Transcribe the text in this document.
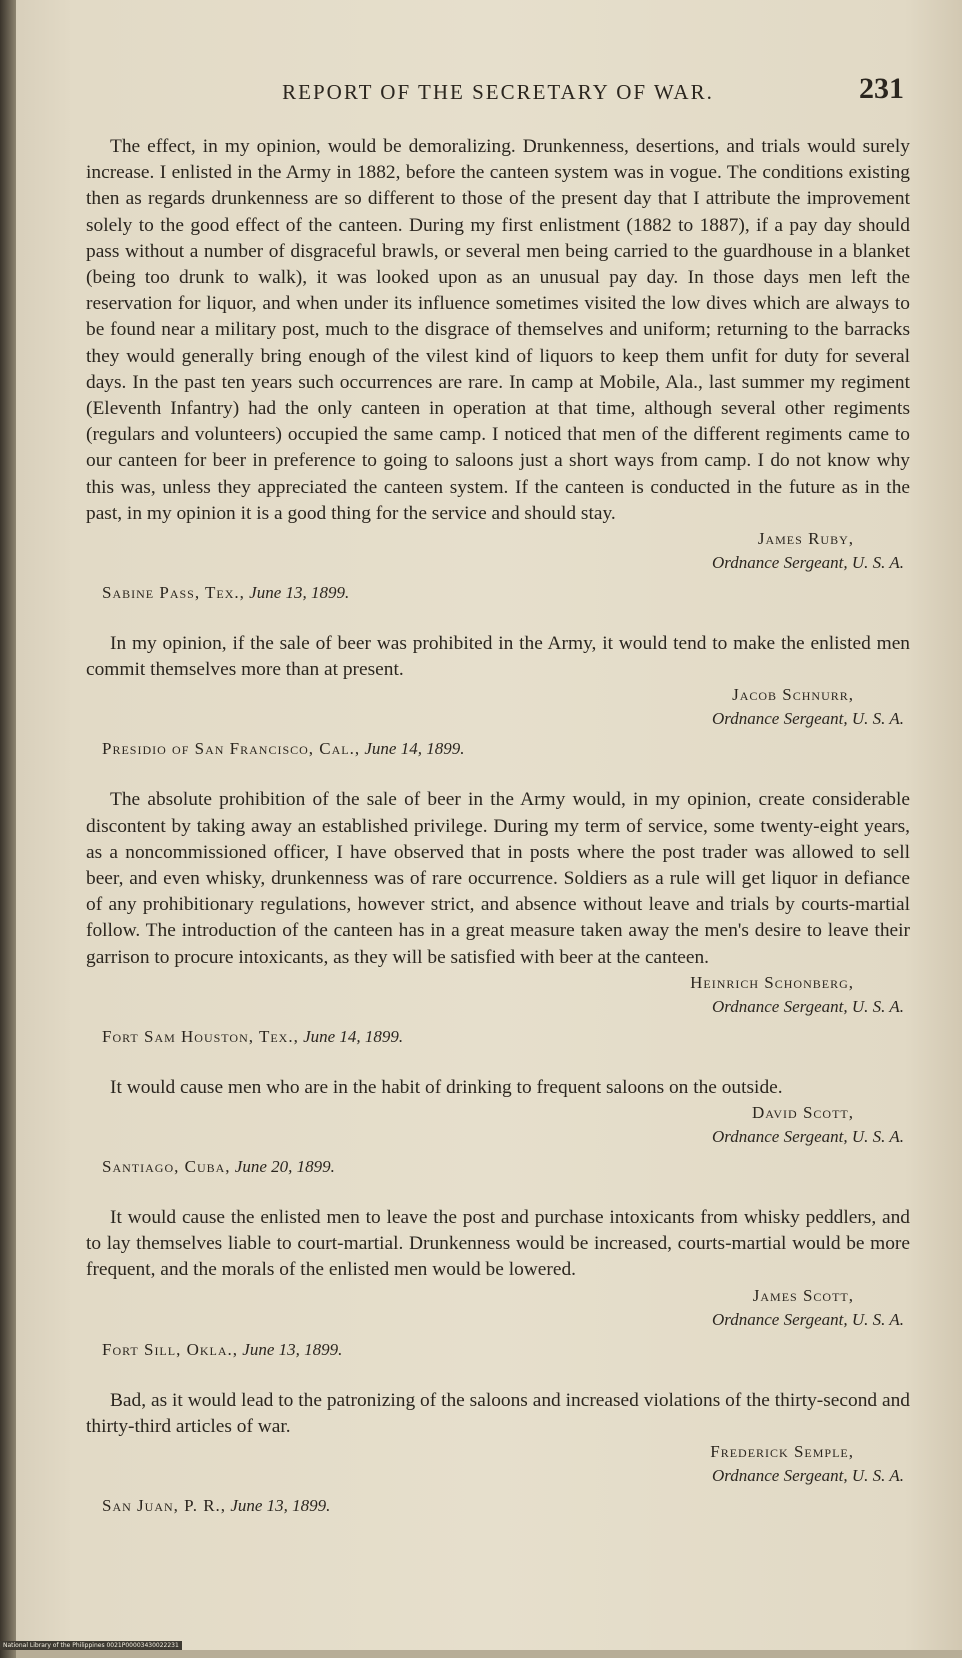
REPORT OF THE SECRETARY OF WAR.	231

The effect, in my opinion, would be demoralizing. Drunkenness, desertions, and trials would surely increase. I enlisted in the Army in 1882, before the canteen system was in vogue. The conditions existing then as regards drunkenness are so different to those of the present day that I attribute the improvement solely to the good effect of the canteen. During my first enlistment (1882 to 1887), if a pay day should pass without a number of disgraceful brawls, or several men being carried to the guardhouse in a blanket (being too drunk to walk), it was looked upon as an unusual pay day. In those days men left the reservation for liquor, and when under its influence sometimes visited the low dives which are always to be found near a military post, much to the disgrace of themselves and uniform; returning to the barracks they would generally bring enough of the vilest kind of liquors to keep them unfit for duty for several days. In the past ten years such occurrences are rare. In camp at Mobile, Ala., last summer my regiment (Eleventh Infantry) had the only canteen in operation at that time, although several other regiments (regulars and volunteers) occupied the same camp. I noticed that men of the different regiments came to our canteen for beer in preference to going to saloons just a short ways from camp. I do not know why this was, unless they appreciated the canteen system. If the canteen is conducted in the future as in the past, in my opinion it is a good thing for the service and should stay.

James Ruby,
Ordnance Sergeant, U. S. A.
Sabine Pass, Tex., June 13, 1899.

In my opinion, if the sale of beer was prohibited in the Army, it would tend to make the enlisted men commit themselves more than at present.

Jacob Schnurr,
Ordnance Sergeant, U. S. A.
Presidio of San Francisco, Cal., June 14, 1899.

The absolute prohibition of the sale of beer in the Army would, in my opinion, create considerable discontent by taking away an established privilege. During my term of service, some twenty-eight years, as a noncommissioned officer, I have observed that in posts where the post trader was allowed to sell beer, and even whisky, drunkenness was of rare occurrence. Soldiers as a rule will get liquor in defiance of any prohibitionary regulations, however strict, and absence without leave and trials by courts-martial follow. The introduction of the canteen has in a great measure taken away the men's desire to leave their garrison to procure intoxicants, as they will be satisfied with beer at the canteen.

Heinrich Schonberg,
Ordnance Sergeant, U. S. A.
Fort Sam Houston, Tex., June 14, 1899.

It would cause men who are in the habit of drinking to frequent saloons on the outside.

David Scott,
Ordnance Sergeant, U. S. A.
Santiago, Cuba, June 20, 1899.

It would cause the enlisted men to leave the post and purchase intoxicants from whisky peddlers, and to lay themselves liable to court-martial. Drunkenness would be increased, courts-martial would be more frequent, and the morals of the enlisted men would be lowered.

James Scott,
Ordnance Sergeant, U. S. A.
Fort Sill, Okla., June 13, 1899.

Bad, as it would lead to the patronizing of the saloons and increased violations of the thirty-second and thirty-third articles of war.

Frederick Semple,
Ordnance Sergeant, U. S. A.
San Juan, P. R., June 13, 1899.
National Library of the Philippines 0021P00003430022231
